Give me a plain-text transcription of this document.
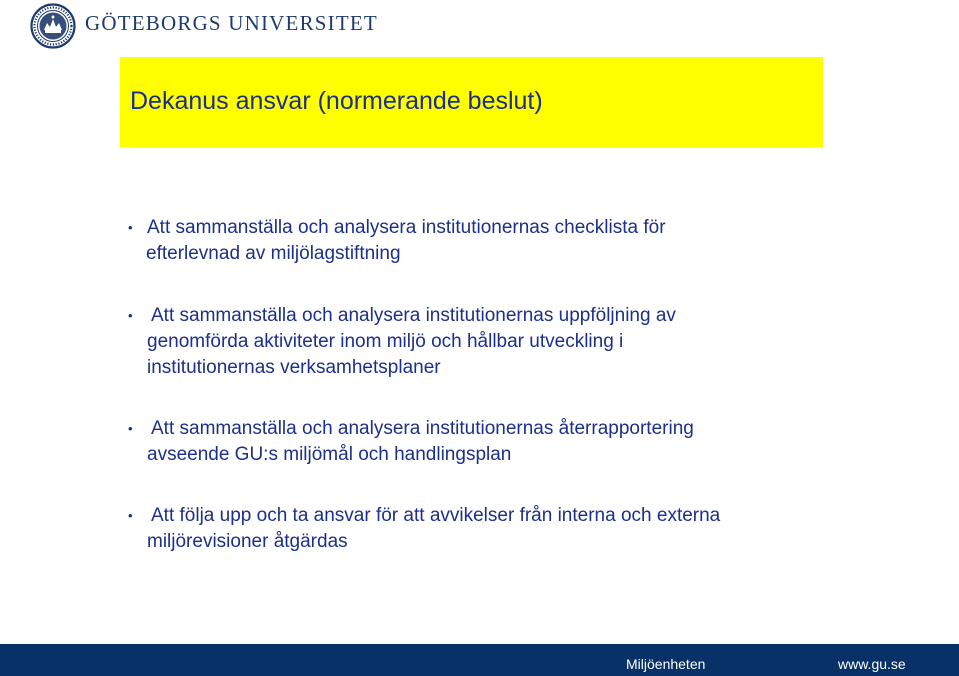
GÖTEBORGS UNIVERSITET
Dekanus ansvar (normerande beslut)
• Att sammanställa och analysera institutionernas checklista för
efterlevnad av miljölagstiftning
• Att sammanställa och analysera institutionernas uppföljning av
genomförda aktiviteter inom miljö och hållbar utveckling i
institutionernas verksamhetsplaner
• Att sammanställa och analysera institutionernas återrapportering
avseende GU:s miljömål och handlingsplan
• Att följa upp och ta ansvar för att avvikelser från interna och externa
miljörevisioner åtgärdas
Miljöenheten	www.gu.se
